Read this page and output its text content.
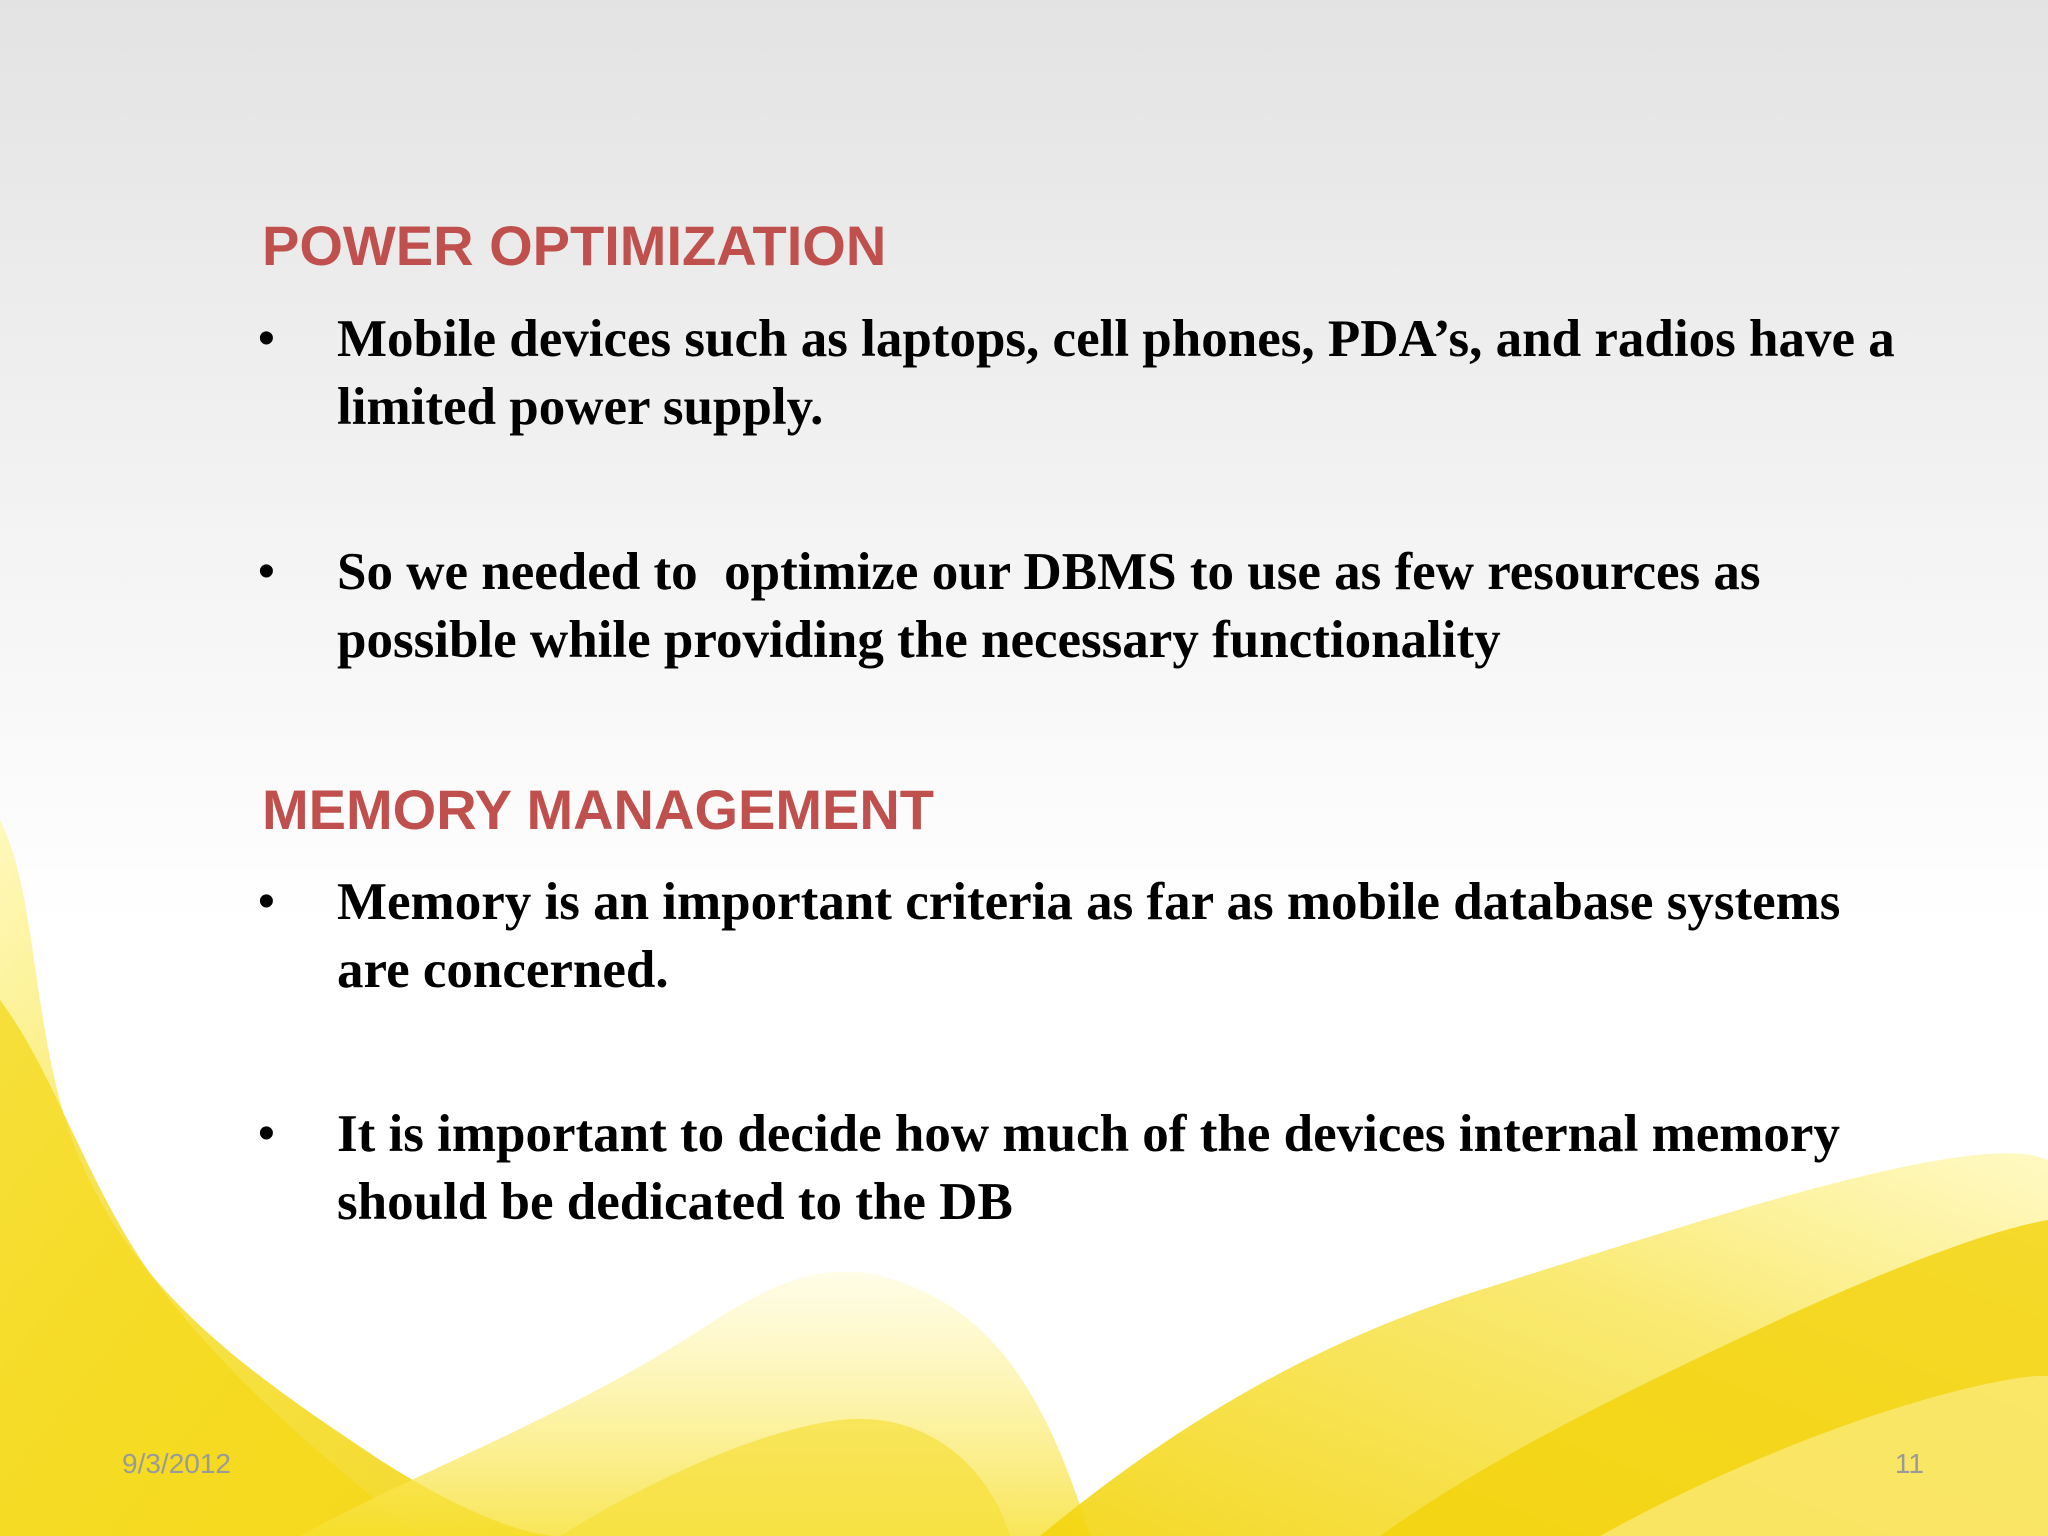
POWER OPTIMIZATION
•	Mobile devices such as laptops, cell phones, PDA’s, and radios have a limited power supply.
•	So we needed to  optimize our DBMS to use as few resources as possible while providing the necessary functionality
MEMORY MANAGEMENT
•	Memory is an important criteria as far as mobile database systems are concerned.
•	It is important to decide how much of the devices internal memory should be dedicated to the DB
9/3/2012	11
